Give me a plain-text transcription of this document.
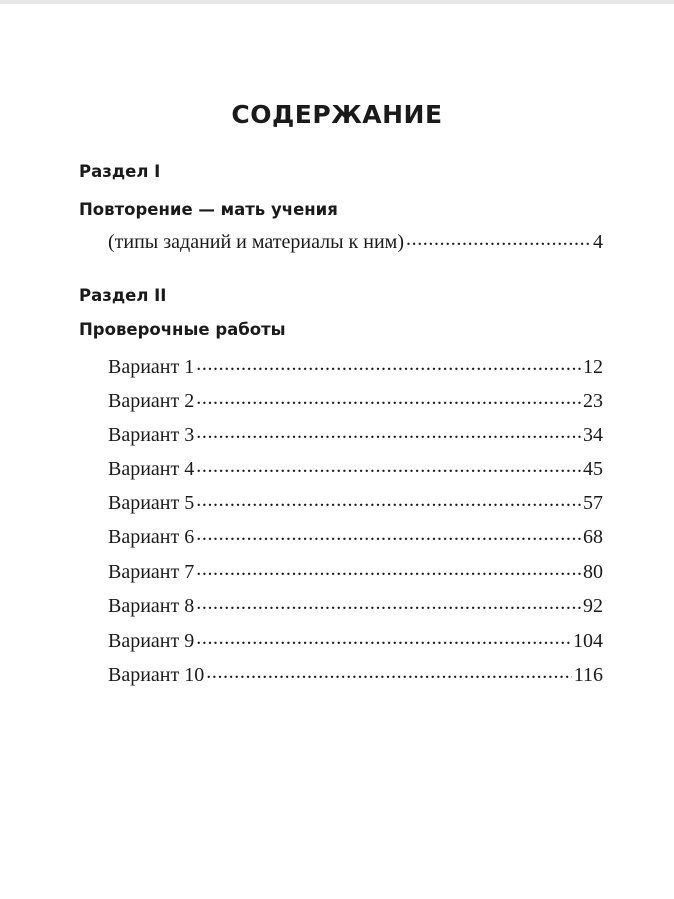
СОДЕРЖАНИЕ
Раздел I
Повторение — мать учения
(типы заданий и материалы к ним) . . .	4
Раздел II
Проверочные работы
Вариант 1 . . .	12
Вариант 2 . . .	23
Вариант 3 . . .	34
Вариант 4 . . .	45
Вариант 5 . . .	57
Вариант 6 . . .	68
Вариант 7 . . .	80
Вариант 8 . . .	92
Вариант 9 . . .	104
Вариант 10 . . .	116
